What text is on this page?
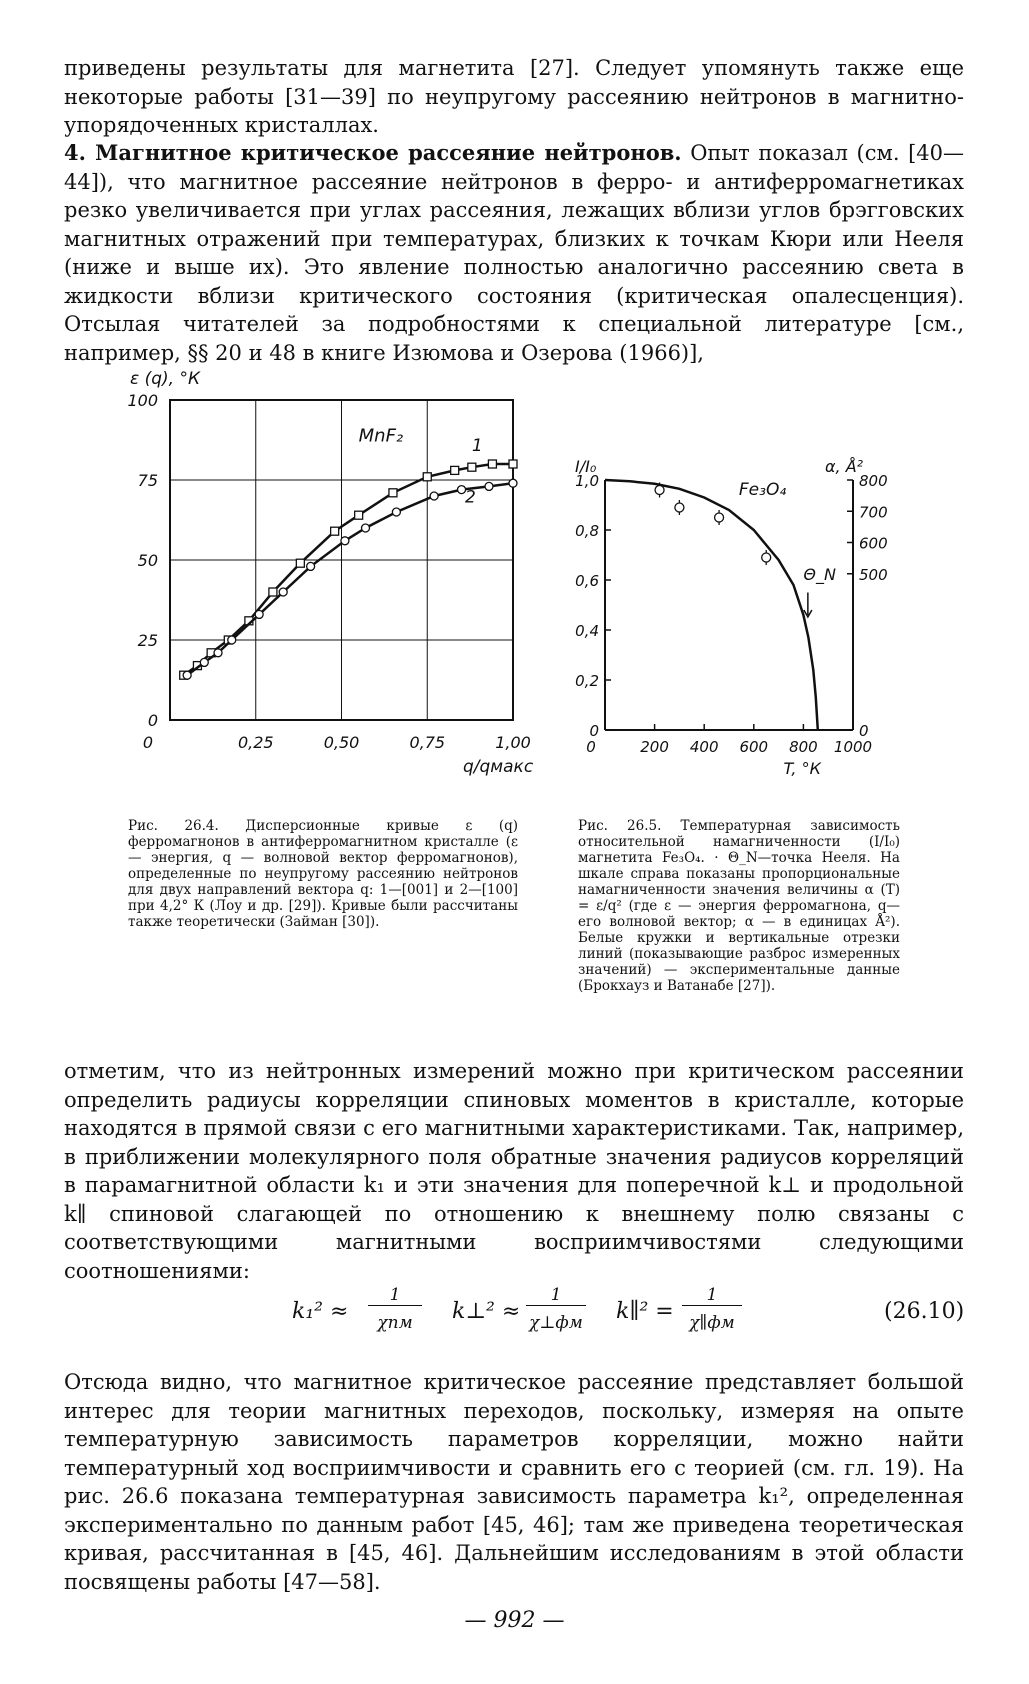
приведены результаты для магнетита [27]. Следует упомянуть также еще некоторые работы [31—39] по неупругому рассеянию нейтронов в магнитно-упорядоченных кристаллах.

4. Магнитное критическое рассеяние нейтронов. Опыт показал (см. [40—44]), что магнитное рассеяние нейтронов в ферро- и антиферромагнетиках резко увеличивается при углах рассеяния, лежащих вблизи углов брэгговских магнитных отражений при температурах, близких к точкам Кюри или Нееля (ниже и выше их). Это явление полностью аналогично рассеянию света в жидкости вблизи критического состояния (критическая опалесценция). Отсылая читателей за подробностями к специальной литературе [см., например, §§ 20 и 48 в книге Изюмова и Озерова (1966)],

0
25
50
75
100
0,25	0,50	0,75	1,00
0
ε (q), °К
q/qмакс
MnF₂	1
2
Рис. 26.4. Дисперсионные кривые ε (q) ферромагнонов в антиферромагнитном кристалле (ε — энергия, q — волновой вектор ферромагнонов), определенные по неупругому рассеянию нейтронов для двух направлений вектора q: 1—[001] и 2—[100] при 4,2° К (Лоу и др. [29]). Кривые были рассчитаны также теоретически (Займан [30]).
0
0,2
0,4
0,6
0,8
1,0
0
500
600
700
800
200 400 600 800 1000
0
I/I₀	α, Å²
T, °К
Fe₃O₄
Θ_N
Рис. 26.5. Температурная зависимость относительной намагниченности (I/I₀) магнетита Fe₃O₄. · Θ_N—точка Нееля. На шкале справа показаны пропорциональные намагниченности значения величины α (T) = ε/q² (где ε — энергия ферромагнона, q—его волновой вектор; α — в единицах Å²). Белые кружки и вертикальные отрезки линий (показывающие разброс измеренных значений) — экспериментальные данные (Брокхауз и Ватанабе [27]).

отметим, что из нейтронных измерений можно при критическом рассеянии определить радиусы корреляции спиновых моментов в кристалле, которые находятся в прямой связи с его магнитными характеристиками. Так, например, в приближении молекулярного поля обратные значения радиусов корреляций в парамагнитной области k₁ и эти значения для поперечной k⊥ и продольной k∥ спиновой слагающей по отношению к внешнему полю связаны с соответствующими магнитными восприимчивостями следующими соотношениями:

k₁² ≈
1
χпм	k⊥² ≈
1
χ⊥фм k∥² =
1
χ∥фм	(26.10)

Отсюда видно, что магнитное критическое рассеяние представляет большой интерес для теории магнитных переходов, поскольку, измеряя на опыте температурную зависимость параметров корреляции, можно найти температурный ход восприимчивости и сравнить его с теорией (см. гл. 19). На рис. 26.6 показана температурная зависимость параметра k₁², определенная экспериментально по данным работ [45, 46]; там же приведена теоретическая кривая, рассчитанная в [45, 46]. Дальнейшим исследованиям в этой области посвящены работы [47—58].

— 992 —
